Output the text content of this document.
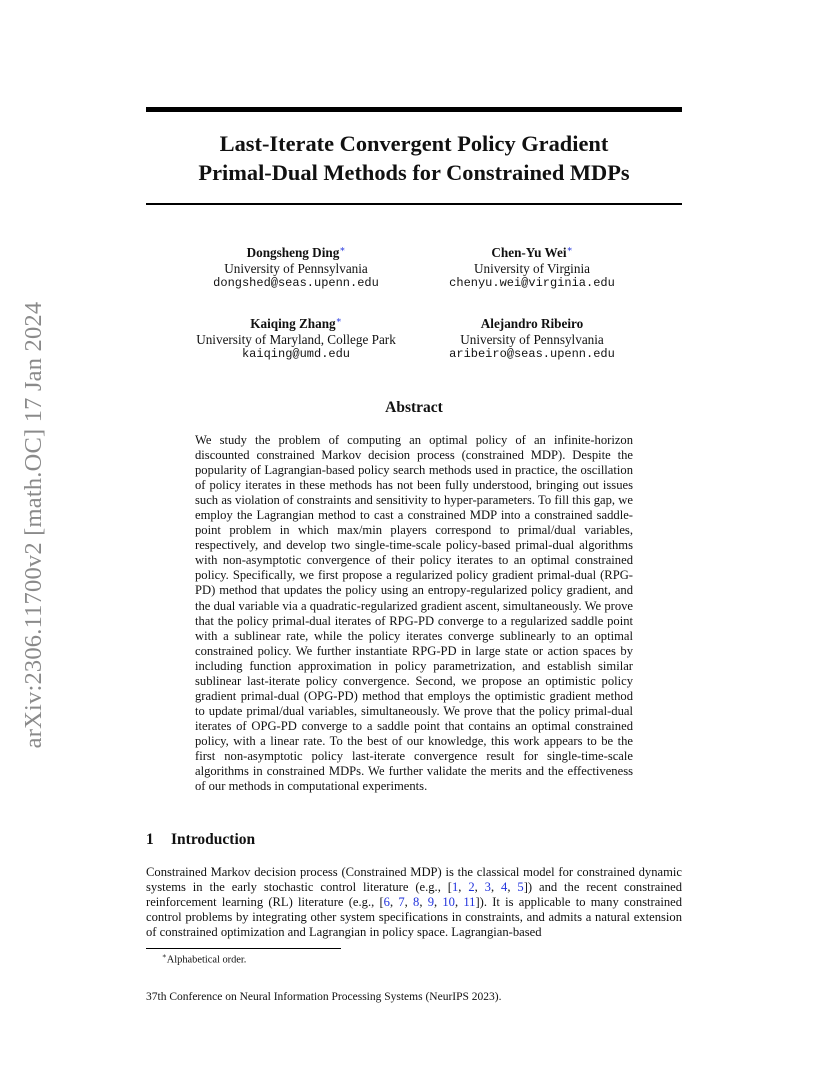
arXiv:2306.11700v2 [math.OC] 17 Jan 2024
Last-Iterate Convergent Policy Gradient
Primal-Dual Methods for Constrained MDPs
Dongsheng Ding∗
University of Pennsylvania
dongshed@seas.upenn.edu
Chen-Yu Wei∗
University of Virginia
chenyu.wei@virginia.edu
Kaiqing Zhang∗
University of Maryland, College Park
kaiqing@umd.edu
Alejandro Ribeiro
University of Pennsylvania
aribeiro@seas.upenn.edu
Abstract
We study the problem of computing an optimal policy of an infinite-horizon discounted constrained Markov decision process (constrained MDP). Despite the popularity of Lagrangian-based policy search methods used in practice, the oscillation of policy iterates in these methods has not been fully understood, bringing out issues such as violation of constraints and sensitivity to hyper-parameters. To fill this gap, we employ the Lagrangian method to cast a constrained MDP into a constrained saddle-point problem in which max/min players correspond to primal/dual variables, respectively, and develop two single-time-scale policy-based primal-dual algorithms with non-asymptotic convergence of their policy iterates to an optimal constrained policy. Specifically, we first propose a regularized policy gradient primal-dual (RPG-PD) method that updates the policy using an entropy-regularized policy gradient, and the dual variable via a quadratic-regularized gradient ascent, simultaneously. We prove that the policy primal-dual iterates of RPG-PD converge to a regularized saddle point with a sublinear rate, while the policy iterates converge sublinearly to an optimal constrained policy. We further instantiate RPG-PD in large state or action spaces by including function approximation in policy parametrization, and establish similar sublinear last-iterate policy convergence. Second, we propose an optimistic policy gradient primal-dual (OPG-PD) method that employs the optimistic gradient method to update primal/dual variables, simultaneously. We prove that the policy primal-dual iterates of OPG-PD converge to a saddle point that contains an optimal constrained policy, with a linear rate. To the best of our knowledge, this work appears to be the first non-asymptotic policy last-iterate convergence result for single-time-scale algorithms in constrained MDPs. We further validate the merits and the effectiveness of our methods in computational experiments.
1 Introduction
Constrained Markov decision process (Constrained MDP) is the classical model for constrained dynamic systems in the early stochastic control literature (e.g., [1, 2, 3, 4, 5]) and the recent constrained reinforcement learning (RL) literature (e.g., [6, 7, 8, 9, 10, 11]). It is applicable to many constrained control problems by integrating other system specifications in constraints, and admits a natural extension of constrained optimization and Lagrangian in policy space. Lagrangian-based
∗Alphabetical order.
37th Conference on Neural Information Processing Systems (NeurIPS 2023).
